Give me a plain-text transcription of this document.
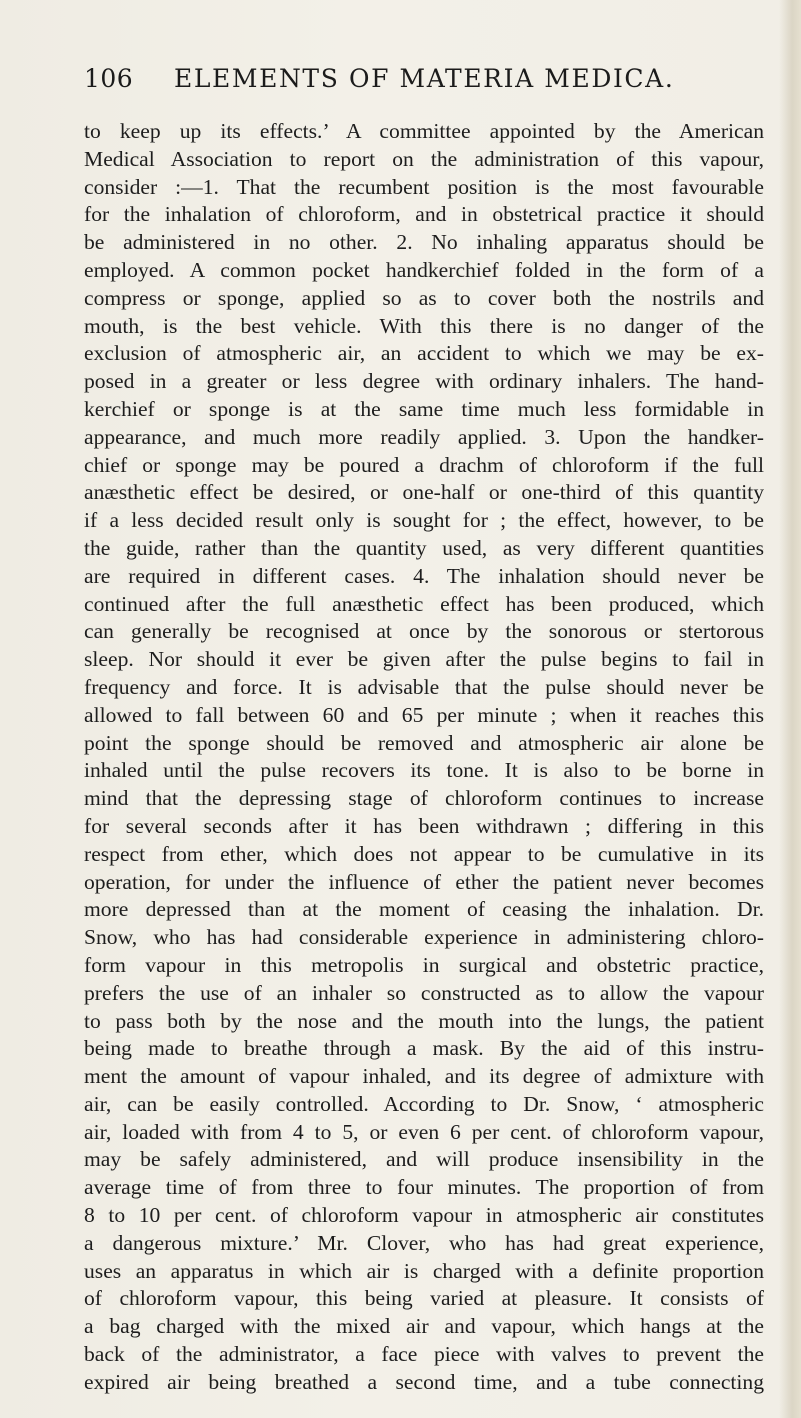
106 ELEMENTS OF MATERIA MEDICA.
to keep up its effects.’ A committee appointed by the American
Medical Association to report on the administration of this vapour,
consider :—1. That the recumbent position is the most favourable
for the inhalation of chloroform, and in obstetrical practice it should
be administered in no other. 2. No inhaling apparatus should be
employed. A common pocket handkerchief folded in the form of a
compress or sponge, applied so as to cover both the nostrils and
mouth, is the best vehicle. With this there is no danger of the
exclusion of atmospheric air, an accident to which we may be ex-
posed in a greater or less degree with ordinary inhalers. The hand-
kerchief or sponge is at the same time much less formidable in
appearance, and much more readily applied. 3. Upon the handker-
chief or sponge may be poured a drachm of chloroform if the full
anæsthetic effect be desired, or one-half or one-third of this quantity
if a less decided result only is sought for ; the effect, however, to be
the guide, rather than the quantity used, as very different quantities
are required in different cases. 4. The inhalation should never be
continued after the full anæsthetic effect has been produced, which
can generally be recognised at once by the sonorous or stertorous
sleep. Nor should it ever be given after the pulse begins to fail in
frequency and force. It is advisable that the pulse should never be
allowed to fall between 60 and 65 per minute ; when it reaches this
point the sponge should be removed and atmospheric air alone be
inhaled until the pulse recovers its tone. It is also to be borne in
mind that the depressing stage of chloroform continues to increase
for several seconds after it has been withdrawn ; differing in this
respect from ether, which does not appear to be cumulative in its
operation, for under the influence of ether the patient never becomes
more depressed than at the moment of ceasing the inhalation. Dr.
Snow, who has had considerable experience in administering chloro-
form vapour in this metropolis in surgical and obstetric practice,
prefers the use of an inhaler so constructed as to allow the vapour
to pass both by the nose and the mouth into the lungs, the patient
being made to breathe through a mask. By the aid of this instru-
ment the amount of vapour inhaled, and its degree of admixture with
air, can be easily controlled. According to Dr. Snow, ‘ atmospheric
air, loaded with from 4 to 5, or even 6 per cent. of chloroform vapour,
may be safely administered, and will produce insensibility in the
average time of from three to four minutes. The proportion of from
8 to 10 per cent. of chloroform vapour in atmospheric air constitutes
a dangerous mixture.’ Mr. Clover, who has had great experience,
uses an apparatus in which air is charged with a definite proportion
of chloroform vapour, this being varied at pleasure. It consists of
a bag charged with the mixed air and vapour, which hangs at the
back of the administrator, a face piece with valves to prevent the
expired air being breathed a second time, and a tube connecting
